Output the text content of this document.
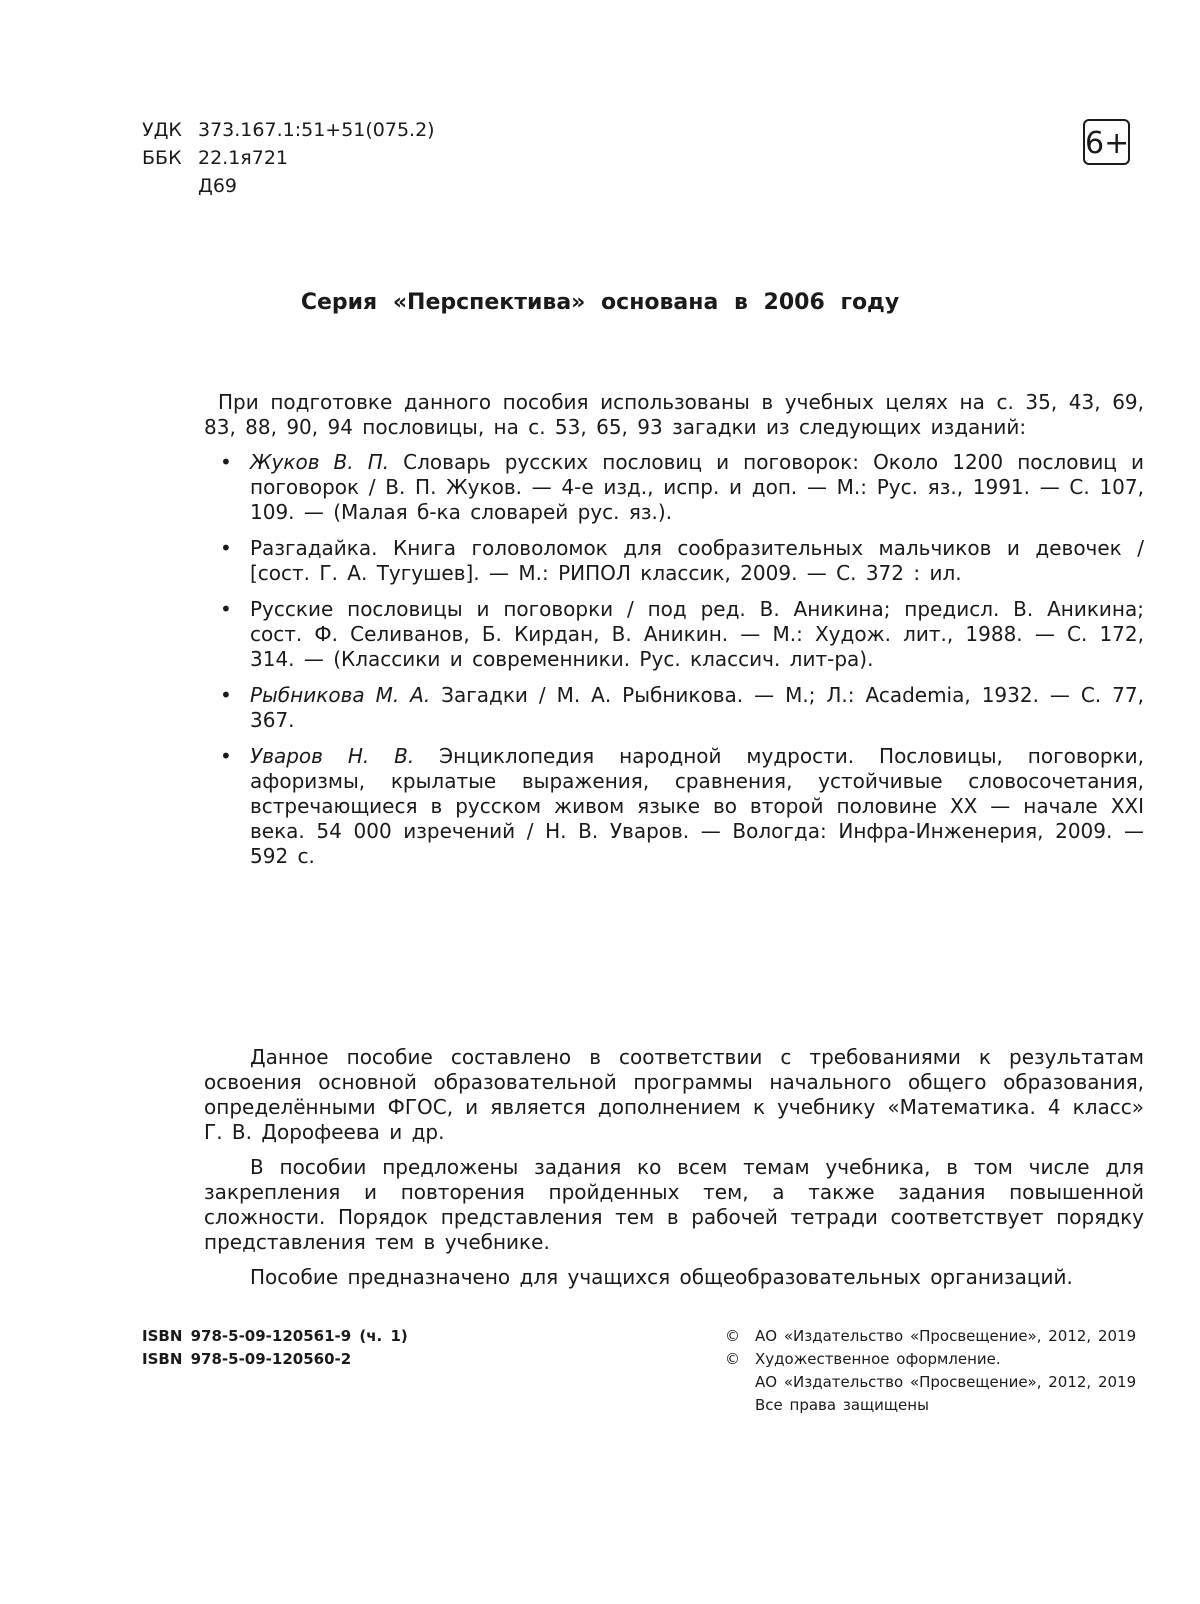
УДК 373.167.1:51+51(075.2)
ББК 22.1я721
Д69
6+
Серия «Перспектива» основана в 2006 году

При подготовке данного пособия использованы в учебных целях на с. 35, 43, 69, 83, 88, 90, 94 пословицы, на с. 53, 65, 93 загадки из следующих изданий:

• Жуков В. П. Словарь русских пословиц и поговорок: Около 1200 пословиц и поговорок / В. П. Жуков. — 4-е изд., испр. и доп. — М.: Рус. яз., 1991. — С. 107, 109. — (Малая б-ка словарей рус. яз.).
• Разгадайка. Книга головоломок для сообразительных мальчиков и девочек / [сост. Г. А. Тугушев]. — М.: РИПОЛ классик, 2009. — С. 372 : ил.
• Русские пословицы и поговорки / под ред. В. Аникина; предисл. В. Аникина; сост. Ф. Селиванов, Б. Кирдан, В. Аникин. — М.: Худож. лит., 1988. — С. 172, 314. — (Классики и современники. Рус. классич. лит-ра).
• Рыбникова М. А. Загадки / М. А. Рыбникова. — М.; Л.: Academia, 1932. — С. 77, 367.
• Уваров Н. В. Энциклопедия народной мудрости. Пословицы, поговорки, афоризмы, крылатые выражения, сравнения, устойчивые словосочетания, встречающиеся в русском живом языке во второй половине XX — начале XXI века. 54 000 изречений / Н. В. Уваров. — Вологда: Инфра-Инженерия, 2009. — 592 с.

Данное пособие составлено в соответствии с требованиями к результатам освоения основной образовательной программы начального общего образования, определёнными ФГОС, и является дополнением к учебнику «Математика. 4 класс» Г. В. Дорофеева и др.

В пособии предложены задания ко всем темам учебника, в том числе для закрепления и повторения пройденных тем, а также задания повышенной сложности. Порядок представления тем в рабочей тетради соответствует порядку представления тем в учебнике.

Пособие предназначено для учащихся общеобразовательных организаций.

ISBN 978-5-09-120561-9 (ч. 1)
ISBN 978-5-09-120560-2
©	АО «Издательство «Просвещение», 2012, 2019
©	Художественное оформление.
АО «Издательство «Просвещение», 2012, 2019
Все права защищены
